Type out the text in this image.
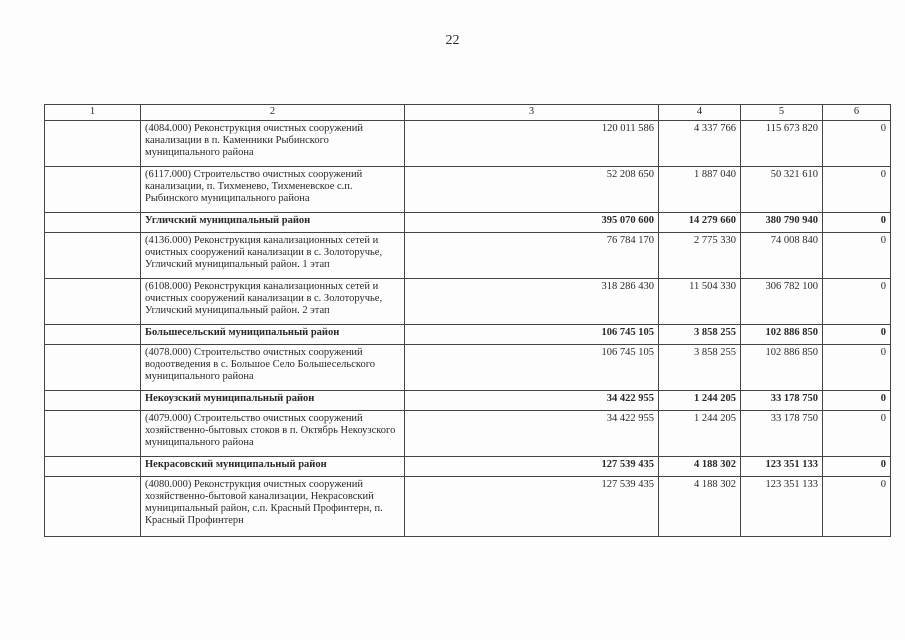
22
1	2	3	4	5	6
	(4084.000) Реконструкция очистных сооружений канализации в п. Каменники Рыбинского муниципального района	120 011 586	4 337 766	115 673 820	0
	(6117.000) Строительство очистных сооружений канализации, п. Тихменево, Тихменевское с.п. Рыбинского муниципального района	52 208 650	1 887 040	50 321 610	0
	Угличский муниципальный район	395 070 600	14 279 660	380 790 940	0
	(4136.000) Реконструкция канализационных сетей и очистных сооружений канализации в с. Золоторучье, Угличский муниципальный район. 1 этап	76 784 170	2 775 330	74 008 840	0
	(6108.000) Реконструкция канализационных сетей и очистных сооружений канализации в с. Золоторучье, Угличский муниципальный район. 2 этап	318 286 430	11 504 330	306 782 100	0
	Большесельский муниципальный район	106 745 105	3 858 255	102 886 850	0
	(4078.000) Строительство очистных сооружений водоотведения в с. Большое Село Большесельского муниципального района	106 745 105	3 858 255	102 886 850	0
	Некоузский муниципальный район	34 422 955	1 244 205	33 178 750	0
	(4079.000) Строительство очистных сооружений хозяйственно-бытовых стоков в п. Октябрь Некоузского муниципального района	34 422 955	1 244 205	33 178 750	0
	Некрасовский муниципальный район	127 539 435	4 188 302	123 351 133	0
	(4080.000) Реконструкция очистных сооружений хозяйственно-бытовой канализации, Некрасовский муниципальный район, с.п. Красный Профинтерн, п. Красный Профинтерн	127 539 435	4 188 302	123 351 133	0
